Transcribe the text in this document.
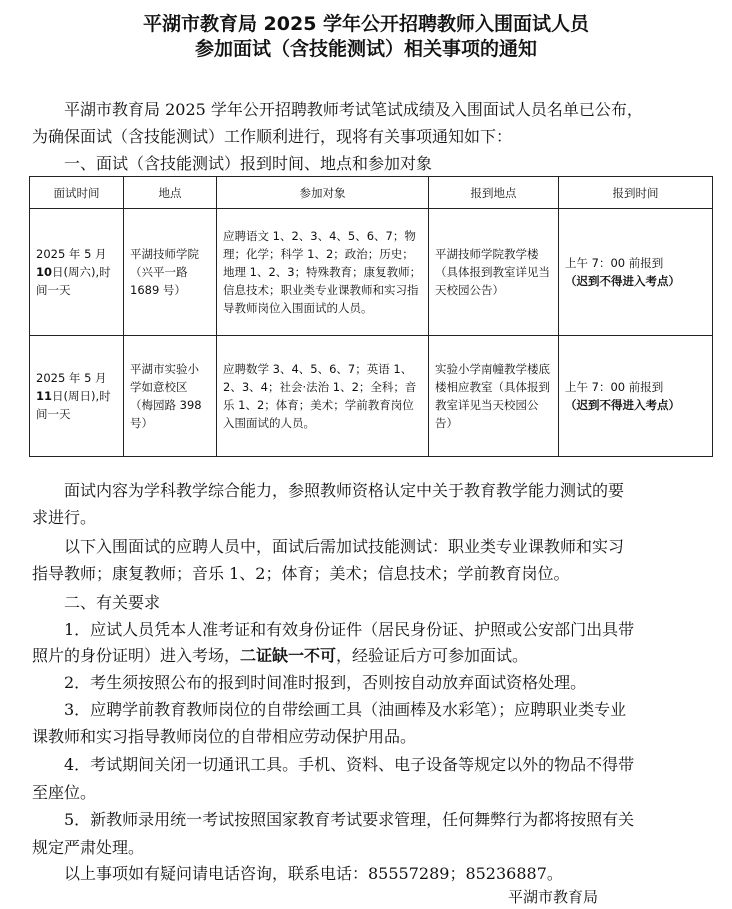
平湖市教育局 2025 学年公开招聘教师入围面试人员
参加面试（含技能测试）相关事项的通知
平湖市教育局 2025 学年公开招聘教师考试笔试成绩及入围面试人员名单已公布，
为确保面试（含技能测试）工作顺利进行，现将有关事项通知如下：
一、面试（含技能测试）报到时间、地点和参加对象
面试时间	地点	参加对象	报到地点	报到时间
2025 年 5 月10日(周六),时间一天	平湖技师学院（兴平一路 1689 号）	应聘语文 1、2、3、4、5、6、7；物理；化学；科学 1、2；政治；历史；地理 1、2、3；特殊教育；康复教师；信息技术；职业类专业课教师和实习指导教师岗位入围面试的人员。	平湖技师学院教学楼（具体报到教室详见当天校园公告）	上午 7：00 前报到
（迟到不得进入考点）

2025 年 5 月11日(周日),时间一天	平湖市实验小学如意校区（梅园路 398 号）	应聘数学 3、4、5、6、7；英语 1、2、3、4；社会·法治 1、2；全科；音乐 1、2；体育；美术；学前教育岗位入围面试的人员。	实验小学南幢教学楼底楼相应教室（具体报到教室详见当天校园公告）	上午 7：00 前报到
（迟到不得进入考点）
面试内容为学科教学综合能力，参照教师资格认定中关于教育教学能力测试的要
求进行。
以下入围面试的应聘人员中，面试后需加试技能测试：职业类专业课教师和实习
指导教师；康复教师；音乐 1、2；体育；美术；信息技术；学前教育岗位。
二、有关要求
1．应试人员凭本人准考证和有效身份证件（居民身份证、护照或公安部门出具带
照片的身份证明）进入考场，二证缺一不可，经验证后方可参加面试。
2．考生须按照公布的报到时间准时报到，否则按自动放弃面试资格处理。
3．应聘学前教育教师岗位的自带绘画工具（油画棒及水彩笔）；应聘职业类专业
课教师和实习指导教师岗位的自带相应劳动保护用品。
4．考试期间关闭一切通讯工具。手机、资料、电子设备等规定以外的物品不得带
至座位。
5．新教师录用统一考试按照国家教育考试要求管理，任何舞弊行为都将按照有关
规定严肃处理。
以上事项如有疑问请电话咨询，联系电话：85557289；85236887。
平湖市教育局
